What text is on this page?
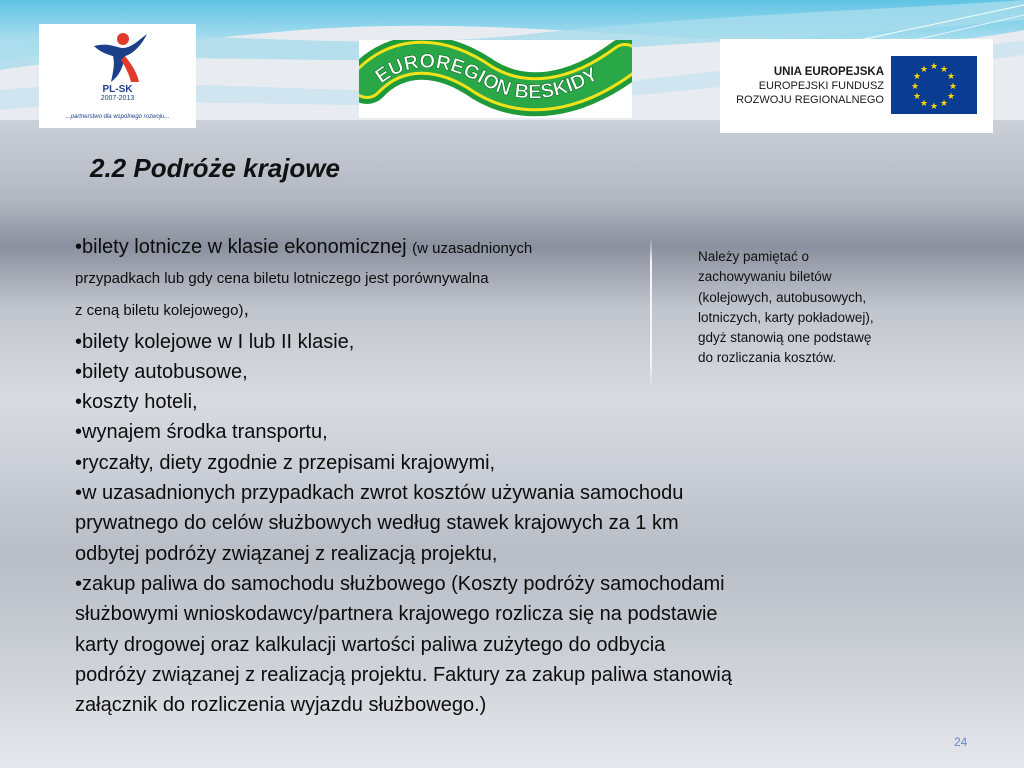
PL-SK
2007-2013
...partnerstwo dla wspólnego rozwoju...
EUROREGION BESKIDY	UNIA EUROPEJSKA
EUROPEJSKI FUNDUSZ
ROZWOJU REGIONALNEGO
★ ★
★
★
★
★
★
★
★
★
★
★
2.2 Podróże krajowe

•bilety lotnicze w klasie ekonomicznej (w uzasadnionych

przypadkach lub gdy cena biletu lotniczego jest porównywalna

z ceną biletu kolejowego),

•bilety kolejowe w I lub II klasie,

•bilety autobusowe,

•koszty hoteli,

•wynajem środka transportu,

•ryczałty, diety zgodnie z przepisami krajowymi,

•w uzasadnionych przypadkach zwrot kosztów używania samochodu

prywatnego do celów służbowych według stawek krajowych za 1 km

odbytej podróży związanej z realizacją projektu,

•zakup paliwa do samochodu służbowego (Koszty podróży samochodami

służbowymi wnioskodawcy/partnera krajowego rozlicza się na podstawie

karty drogowej oraz kalkulacji wartości paliwa zużytego do odbycia

podróży związanej z realizacją projektu. Faktury za zakup paliwa stanowią

załącznik do rozliczenia wyjazdu służbowego.)

Należy pamiętać o
zachowywaniu biletów
(kolejowych, autobusowych,
lotniczych, karty pokładowej),
gdyż stanowią one podstawę
do rozliczania kosztów.
24
